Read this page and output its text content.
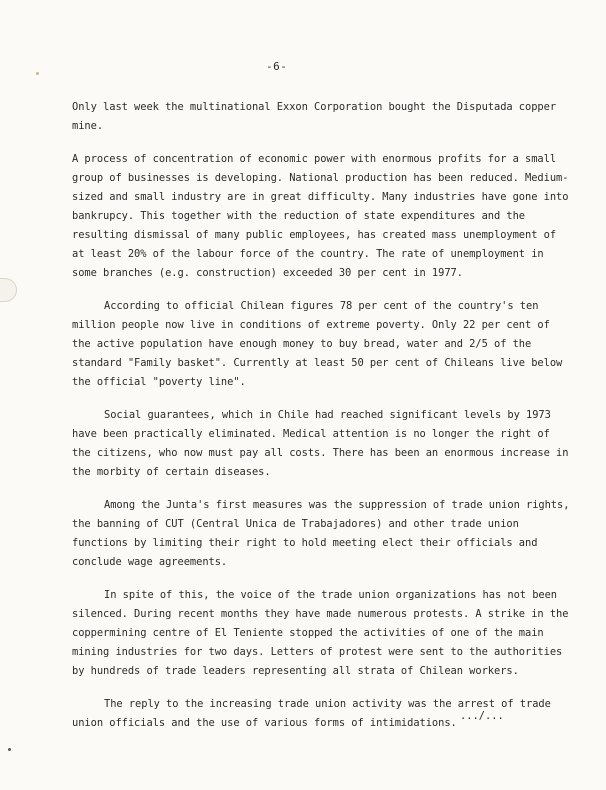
-6-

Only last week the multinational Exxon Corporation bought the Disputada copper mine.

A process of concentration of economic power with enormous profits for a small group of businesses is developing. National production has been reduced. Medium-sized and small industry are in great difficulty. Many industries have gone into bankrupcy. This together with the reduction of state expenditures and the resulting dismissal of many public employees, has created mass unemployment of at least 20% of the labour force of the country. The rate of unemployment in some branches (e.g. construction) exceeded 30 per cent in 1977.

According to official Chilean figures 78 per cent of the country's ten million people now live in conditions of extreme poverty. Only 22 per cent of the active population have enough money to buy bread, water and 2/5 of the standard "Family basket". Currently at least 50 per cent of Chileans live below the official "poverty line".

Social guarantees, which in Chile had reached significant levels by 1973 have been practically eliminated. Medical attention is no longer the right of the citizens, who now must pay all costs. There has been an enormous increase in the morbity of certain diseases.

Among the Junta's first measures was the suppression of trade union rights, the banning of CUT (Central Unica de Trabajadores) and other trade union functions by limiting their right to hold meeting elect their officials and conclude wage agreements.

In spite of this, the voice of the trade union organizations has not been silenced. During recent months they have made numerous protests. A strike in the coppermining centre of El Teniente stopped the activities of one of the main mining industries for two days. Letters of protest were sent to the authorities by hundreds of trade leaders representing all strata of Chilean workers.

The reply to the increasing trade union activity was the arrest of trade union officials and the use of various forms of intimidations.

.../...
